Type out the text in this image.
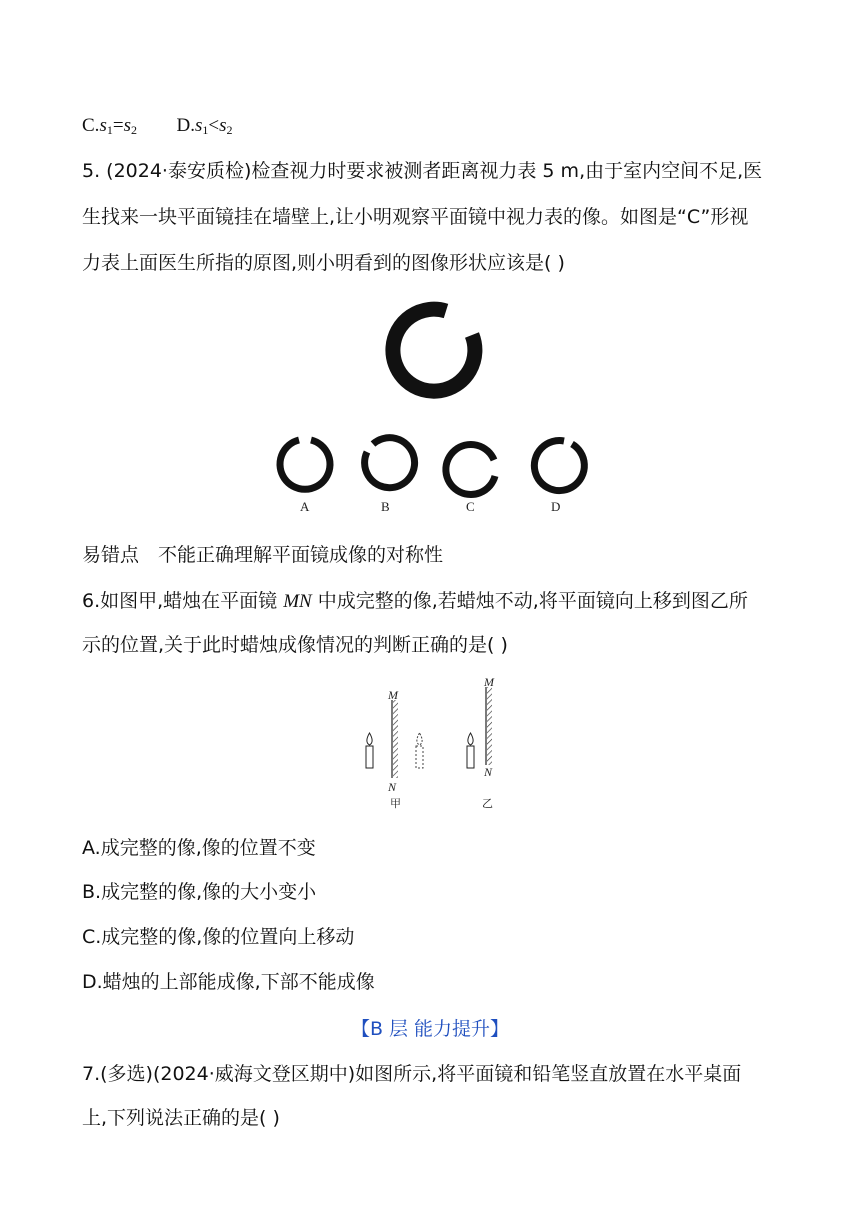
$C.s_1=s_2$ $D.s_1<s_2$
5. (2024·泰安质检)检查视力时要求被测者距离视力表 5 m,由于室内空间不足,医
生找来一块平面镜挂在墙壁上,让小明观察平面镜中视力表的像。如图是“C”形视
力表上面医生所指的原图,则小明看到的图像形状应该是( )
A	B	C	D
易错点　不能正确理解平面镜成像的对称性
6.如图甲,蜡烛在平面镜 MN 中成完整的像,若蜡烛不动,将平面镜向上移到图乙所
示的位置,关于此时蜡烛成像情况的判断正确的是( )
M
N
甲
M
N
乙
A.成完整的像,像的位置不变
B.成完整的像,像的大小变小
C.成完整的像,像的位置向上移动
D.蜡烛的上部能成像,下部不能成像
【B 层 能力提升】
7.(多选)(2024·威海文登区期中)如图所示,将平面镜和铅笔竖直放置在水平桌面
上,下列说法正确的是( )
